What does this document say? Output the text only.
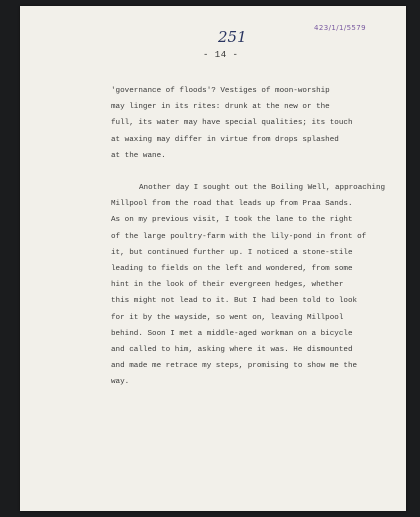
423/1/1/5579
251
- 14 -
'governance of floods'? Vestiges of moon-worship
may linger in its rites: drunk at the new or the
full, its water may have special qualities; its touch
at waxing may differ in virtue from drops splashed
at the wane.
Another day I sought out the Boiling Well, approaching
Millpool from the road that leads up from Praa Sands.
As on my previous visit, I took the lane to the right
of the large poultry-farm with the lily-pond in front of
it, but continued further up. I noticed a stone-stile
leading to fields on the left and wondered, from some
hint in the look of their evergreen hedges, whether
this might not lead to it. But I had been told to look
for it by the wayside, so went on, leaving Millpool
behind. Soon I met a middle-aged workman on a bicycle
and called to him, asking where it was. He dismounted
and made me retrace my steps, promising to show me the
way.
